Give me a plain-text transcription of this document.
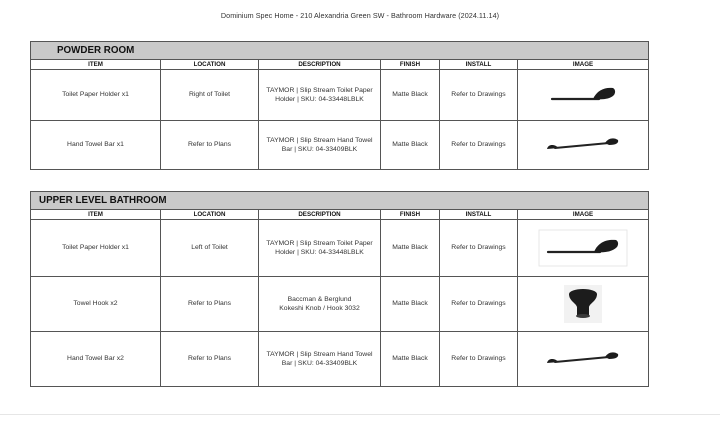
Dominium Spec Home - 210 Alexandria Green SW - Bathroom Hardware (2024.11.14)
POWDER ROOM					
ITEM	LOCATION	DESCRIPTION	FINISH	INSTALL	IMAGE
Toilet Paper Holder x1	Right of Toilet	TAYMOR | Slip Stream Toilet Paper
Holder | SKU: 04-33448LBLK	Matte Black	Refer to Drawings	

Hand Towel Bar x1	Refer to Plans	TAYMOR | Slip Stream Hand Towel
Bar | SKU: 04-33409BLK	Matte Black	Refer to Drawings	
UPPER LEVEL BATHROOM					
ITEM	LOCATION	DESCRIPTION	FINISH	INSTALL	IMAGE
Toilet Paper Holder x1	Left of Toilet	TAYMOR | Slip Stream Toilet Paper
Holder | SKU: 04-33448LBLK	Matte Black	Refer to Drawings	

Towel Hook x2	Refer to Plans	Baccman & Berglund
Kokeshi Knob / Hook 3032	Matte Black	Refer to Drawings	

Hand Towel Bar x2	Refer to Plans	TAYMOR | Slip Stream Hand Towel
Bar | SKU: 04-33409BLK	Matte Black	Refer to Drawings	
